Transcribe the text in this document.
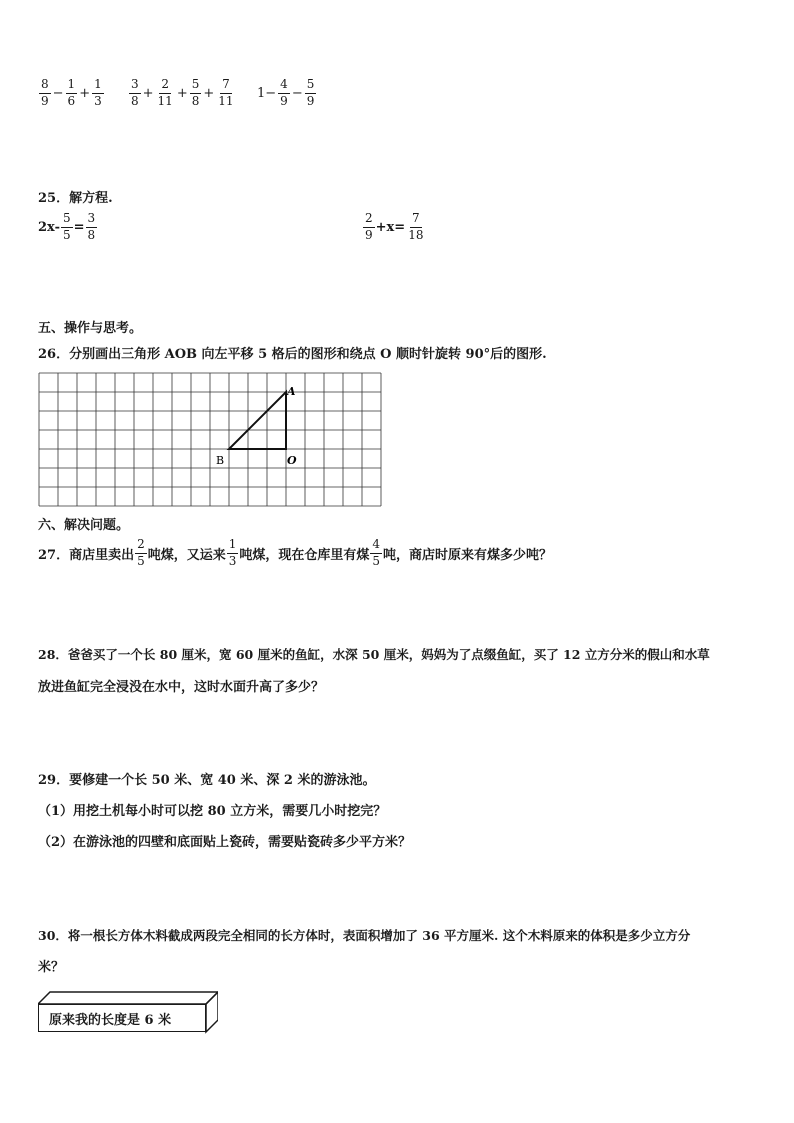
$\frac{8}{9} - \frac{1}{6} + \frac{1}{3} \frac{3}{8} + \frac{2}{11} + \frac{5}{8} + \frac{7}{11} 1- \frac{4}{9} - \frac{5}{9}$
25．解方程.
$2x- \frac{5}{5} = \frac{3}{8}$	$\frac{2}{9} +x= \frac{7}{18}$
五、操作与思考。
26．分别画出三角形 AOB 向左平移 5 格后的图形和绕点 O 顺时针旋转 90°后的图形.
A
O
B
六、解决问题。
27．商店里卖出 $\frac{2}{5}$ 吨煤，又运来 $\frac{1}{3}$ 吨煤，现在仓库里有煤 $\frac{4}{5}$ 吨，商店时原来有煤多少吨？
28．爸爸买了一个长 80 厘米，宽 60 厘米的鱼缸，水深 50 厘米，妈妈为了点缀鱼缸，买了 12 立方分米的假山和水草
放进鱼缸完全浸没在水中，这时水面升高了多少？
29．要修建一个长 50 米、宽 40 米、深 2 米的游泳池。
（1）用挖土机每小时可以挖 80 立方米，需要几小时挖完？
（2）在游泳池的四壁和底面贴上瓷砖，需要贴瓷砖多少平方米？
30．将一根长方体木料截成两段完全相同的长方体时，表面积增加了 36 平方厘米. 这个木料原来的体积是多少立方分
米？
原来我的长度是 6 米
